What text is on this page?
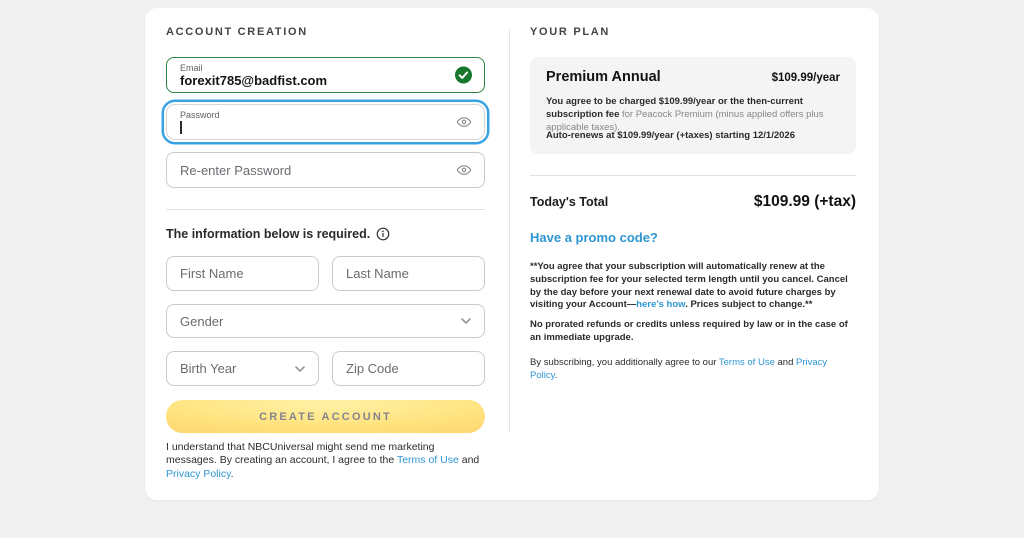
ACCOUNT CREATION
Email
forexit785@badfist.com
Password
Re-enter Password
The information below is required.
First Name
Last Name
Gender
Birth Year
Zip Code
CREATE ACCOUNT
I understand that NBCUniversal might send me marketing messages. By creating an account, I agree to the Terms of Use and Privacy Policy.
YOUR PLAN
Premium Annual	$109.99/year
You agree to be charged $109.99/year or the then-current subscription fee for Peacock Premium (minus applied offers plus applicable taxes).
Auto-renews at $109.99/year (+taxes) starting 12/1/2026
Today's Total	$109.99 (+tax)
Have a promo code?
**You agree that your subscription will automatically renew at the subscription fee for your selected term length until you cancel. Cancel by the day before your next renewal date to avoid future charges by visiting your Account—here's how. Prices subject to change.**
No prorated refunds or credits unless required by law or in the case of an immediate upgrade.
By subscribing, you additionally agree to our Terms of Use and Privacy Policy.
